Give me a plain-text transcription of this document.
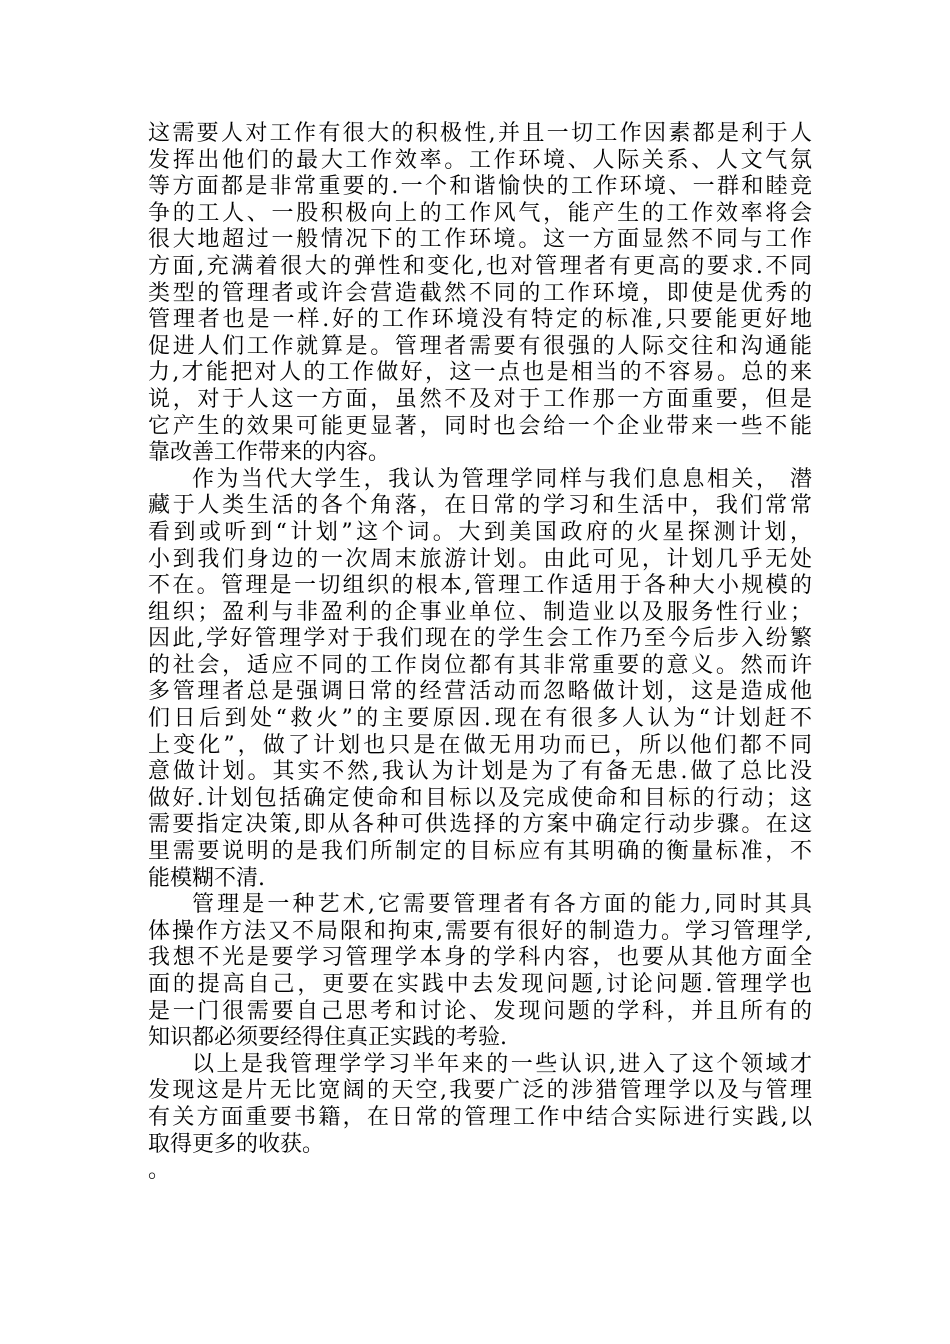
这需要人对工作有很大的积极性,并且一切工作因素都是利于人
发挥出他们的最大工作效率。工作环境、人际关系、人文气氛
等方面都是非常重要的.一个和谐愉快的工作环境、一群和睦竞
争的工人、一股积极向上的工作风气，能产生的工作效率将会
很大地超过一般情况下的工作环境。这一方面显然不同与工作
方面,充满着很大的弹性和变化,也对管理者有更高的要求.不同
类型的管理者或许会营造截然不同的工作环境，即使是优秀的
管理者也是一样.好的工作环境没有特定的标准,只要能更好地
促进人们工作就算是。管理者需要有很强的人际交往和沟通能
力,才能把对人的工作做好，这一点也是相当的不容易。总的来
说，对于人这一方面，虽然不及对于工作那一方面重要，但是
它产生的效果可能更显著，同时也会给一个企业带来一些不能
靠改善工作带来的内容。
作为当代大学生，我认为管理学同样与我们息息相关， 潜
藏于人类生活的各个角落，在日常的学习和生活中，我们常常
看到或听到“计划”这个词。大到美国政府的火星探测计划，
小到我们身边的一次周末旅游计划。由此可见，计划几乎无处
不在。管理是一切组织的根本,管理工作适用于各种大小规模的
组织；盈利与非盈利的企事业单位、制造业以及服务性行业；
因此,学好管理学对于我们现在的学生会工作乃至今后步入纷繁
的社会，适应不同的工作岗位都有其非常重要的意义。然而许
多管理者总是强调日常的经营活动而忽略做计划，这是造成他
们日后到处“救火”的主要原因.现在有很多人认为“计划赶不
上变化”，做了计划也只是在做无用功而已，所以他们都不同
意做计划。其实不然,我认为计划是为了有备无患.做了总比没
做好.计划包括确定使命和目标以及完成使命和目标的行动；这
需要指定决策,即从各种可供选择的方案中确定行动步骤。在这
里需要说明的是我们所制定的目标应有其明确的衡量标准，不
能模糊不清.
管理是一种艺术,它需要管理者有各方面的能力,同时其具
体操作方法又不局限和拘束,需要有很好的制造力。学习管理学,
我想不光是要学习管理学本身的学科内容，也要从其他方面全
面的提高自己，更要在实践中去发现问题,讨论问题.管理学也
是一门很需要自己思考和讨论、发现问题的学科，并且所有的
知识都必须要经得住真正实践的考验.
以上是我管理学学习半年来的一些认识,进入了这个领域才
发现这是片无比宽阔的天空,我要广泛的涉猎管理学以及与管理
有关方面重要书籍，在日常的管理工作中结合实际进行实践,以
取得更多的收获。
。
